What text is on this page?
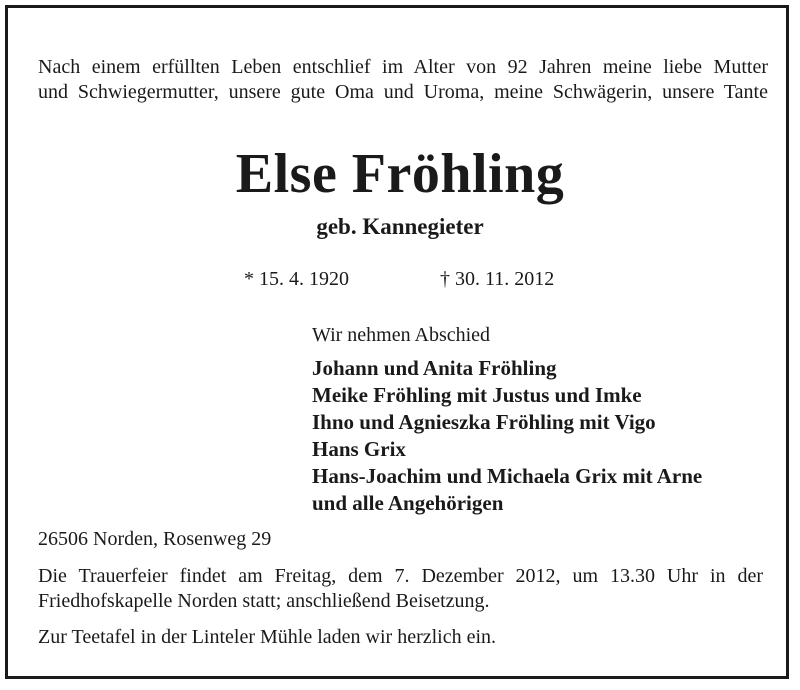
Nach einem erfüllten Leben entschlief im Alter von 92 Jahren meine liebe Mutter
und Schwiegermutter, unsere gute Oma und Uroma, meine Schwägerin, unsere Tante
Else Fröhling
geb. Kannegieter
* 15. 4. 1920	† 30. 11. 2012
Wir nehmen Abschied
Johann und Anita Fröhling
Meike Fröhling mit Justus und Imke
Ihno und Agnieszka Fröhling mit Vigo
Hans Grix
Hans-Joachim und Michaela Grix mit Arne
und alle Angehörigen
26506 Norden, Rosenweg 29
Die Trauerfeier findet am Freitag, dem 7. Dezember 2012, um 13.30 Uhr in der
Friedhofskapelle Norden statt; anschließend Beisetzung.
Zur Teetafel in der Linteler Mühle laden wir herzlich ein.
